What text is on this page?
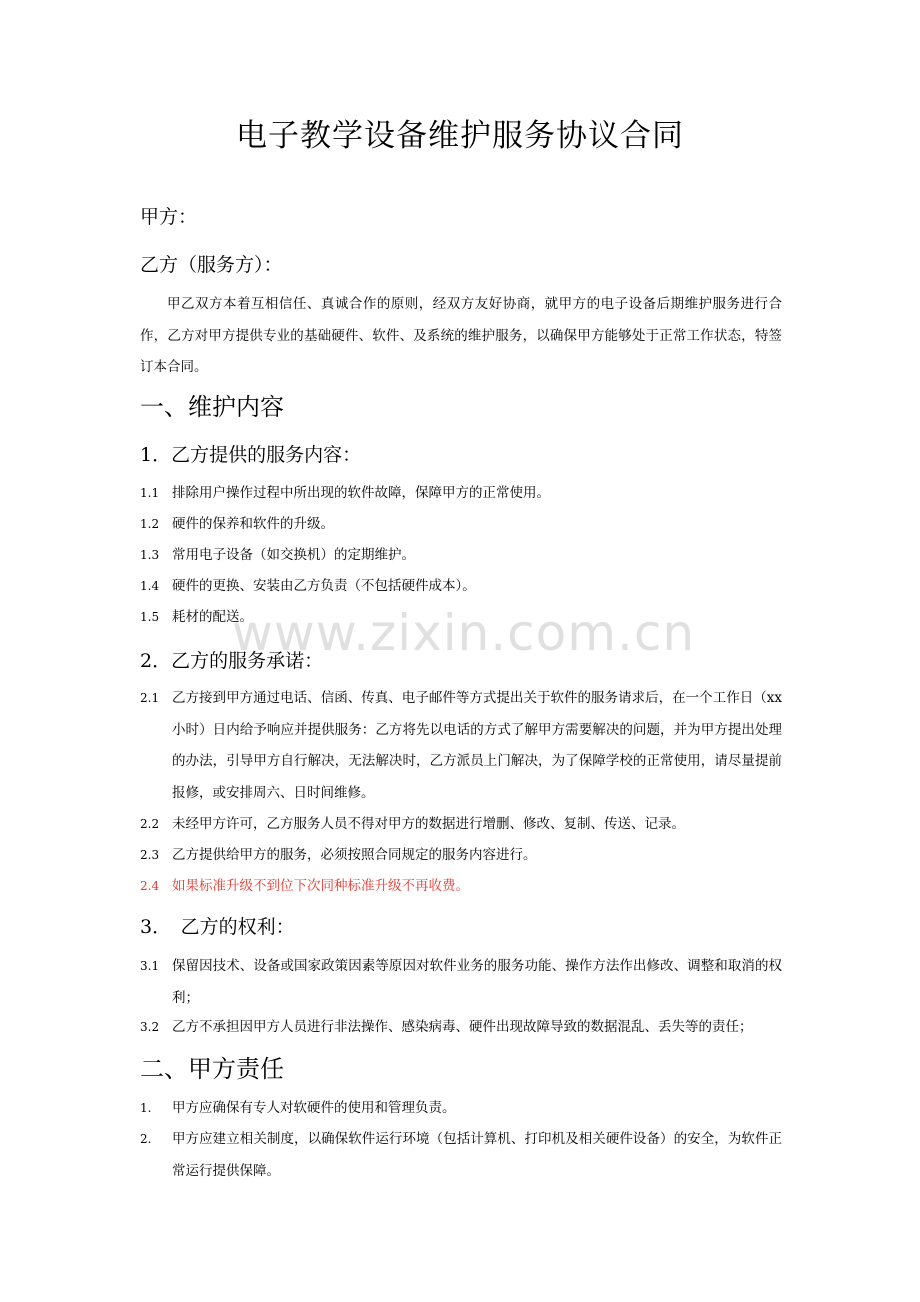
电子教学设备维护服务协议合同
甲方：
乙方（服务方）：
甲乙双方本着互相信任、真诚合作的原则，经双方友好协商，就甲方的电子设备后期维护服务进行合作，乙方对甲方提供专业的基础硬件、软件、及系统的维护服务，以确保甲方能够处于正常工作状态，特签订本合同。
一、维护内容
1．乙方提供的服务内容：
1.1 排除用户操作过程中所出现的软件故障，保障甲方的正常使用。
1.2 硬件的保养和软件的升级。
1.3 常用电子设备（如交换机）的定期维护。
1.4 硬件的更换、安装由乙方负责（不包括硬件成本）。
1.5 耗材的配送。
2．乙方的服务承诺：
2.1 乙方接到甲方通过电话、信函、传真、电子邮件等方式提出关于软件的服务请求后，在一个工作日（xx小时）日内给予响应并提供服务：乙方将先以电话的方式了解甲方需要解决的问题，并为甲方提出处理的办法，引导甲方自行解决，无法解决时，乙方派员上门解决，为了保障学校的正常使用，请尽量提前报修，或安排周六、日时间维修。
2.2 未经甲方许可，乙方服务人员不得对甲方的数据进行增删、修改、复制、传送、记录。
2.3 乙方提供给甲方的服务，必须按照合同规定的服务内容进行。
2.4 如果标准升级不到位下次同种标准升级不再收费。
3．　乙方的权利：
3.1 保留因技术、设备或国家政策因素等原因对软件业务的服务功能、操作方法作出修改、调整和取消的权利；
3.2 乙方不承担因甲方人员进行非法操作、感染病毒、硬件出现故障导致的数据混乱、丢失等的责任；
二、甲方责任
1.	甲方应确保有专人对软硬件的使用和管理负责。
2.	甲方应建立相关制度，以确保软件运行环境（包括计算机、打印机及相关硬件设备）的安全，为软件正常运行提供保障。
www.zixin.com.cn
